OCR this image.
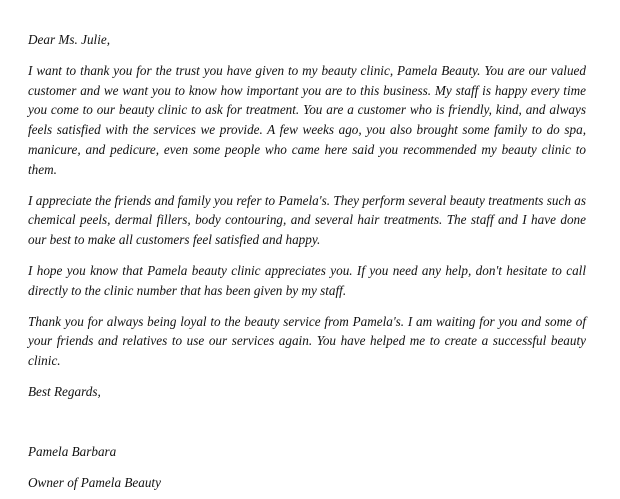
Dear Ms. Julie,

I want to thank you for the trust you have given to my beauty clinic, Pamela Beauty. You are our valued customer and we want you to know how important you are to this business. My staff is happy every time you come to our beauty clinic to ask for treatment. You are a customer who is friendly, kind, and always feels satisfied with the services we provide. A few weeks ago, you also brought some family to do spa, manicure, and pedicure, even some people who came here said you recommended my beauty clinic to them.

I appreciate the friends and family you refer to Pamela's. They perform several beauty treatments such as chemical peels, dermal fillers, body contouring, and several hair treatments. The staff and I have done our best to make all customers feel satisfied and happy.

I hope you know that Pamela beauty clinic appreciates you. If you need any help, don't hesitate to call directly to the clinic number that has been given by my staff.

Thank you for always being loyal to the beauty service from Pamela's. I am waiting for you and some of your friends and relatives to use our services again. You have helped me to create a successful beauty clinic.

Best Regards,

Pamela Barbara

Owner of Pamela Beauty
